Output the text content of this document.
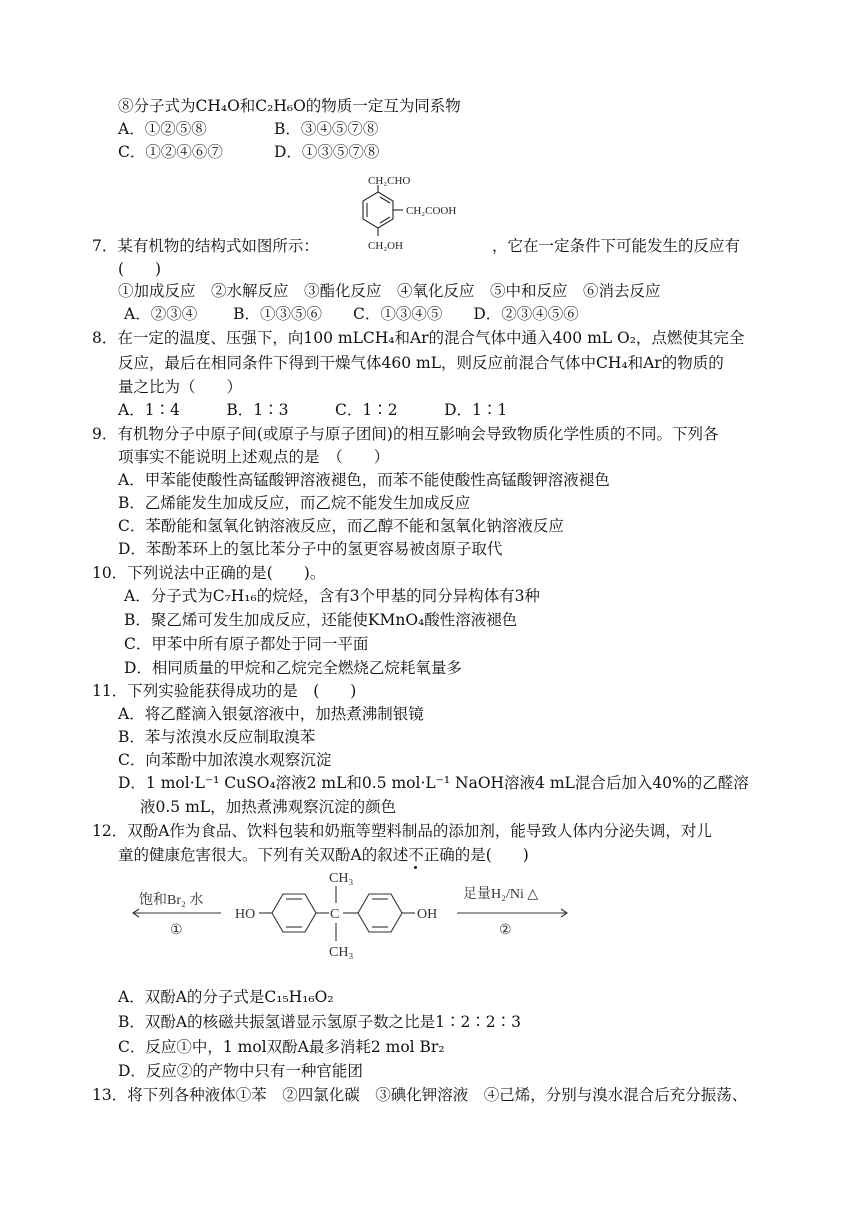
⑧分子式为CH₄O和C₂H₆O的物质一定互为同系物
A．①②⑤⑧	B．③④⑤⑦⑧
C．①②④⑥⑦	D．①③⑤⑦⑧
CH₂CHO
CH₂COOH
CH₂OH
7．某有机物的结构式如图所示：	，它在一定条件下可能发生的反应有
(　　)
①加成反应　②水解反应　③酯化反应　④氧化反应　⑤中和反应　⑥消去反应
A．②③④　　 B．①③⑤⑥　　C．①③④⑤　　D．②③④⑤⑥
8．在一定的温度、压强下，向100 mLCH₄和Ar的混合气体中通入400 mL O₂，点燃使其完全
反应，最后在相同条件下得到干燥气体460 mL，则反应前混合气体中CH₄和Ar的物质的
量之比为（　　）
A．1∶4　　　B．1∶3　　　C．1∶2　　　D．1∶1
9．有机物分子中原子间(或原子与原子团间)的相互影响会导致物质化学性质的不同。下列各
项事实不能说明上述观点的是　（　　）
A．甲苯能使酸性高锰酸钾溶液褪色，而苯不能使酸性高锰酸钾溶液褪色
B．乙烯能发生加成反应，而乙烷不能发生加成反应
C．苯酚能和氢氧化钠溶液反应，而乙醇不能和氢氧化钠溶液反应
D．苯酚苯环上的氢比苯分子中的氢更容易被卤原子取代
10．下列说法中正确的是(　　)。
A．分子式为C₇H₁₆的烷烃，含有3个甲基的同分异构体有3种
B．聚乙烯可发生加成反应，还能使KMnO₄酸性溶液褪色
C．甲苯中所有原子都处于同一平面
D．相同质量的甲烷和乙烷完全燃烧乙烷耗氧量多
11．下列实验能获得成功的是　(　　)
A．将乙醛滴入银氨溶液中，加热煮沸制银镜
B．苯与浓溴水反应制取溴苯
C．向苯酚中加浓溴水观察沉淀
D．1 mol·L⁻¹ CuSO₄溶液2 mL和0.5 mol·L⁻¹ NaOH溶液4 mL混合后加入40%的乙醛溶
液0.5 mL，加热煮沸观察沉淀的颜色
12．双酚A作为食品、饮料包装和奶瓶等塑料制品的添加剂，能导致人体内分泌失调，对儿
童的健康危害很大。下列有关双酚A的叙述不正确的是(　　)
饱和Br₂ 水
①
HO	C
CH₃
CH₃
OH
足量H₂/Ni △
②
A．双酚A的分子式是C₁₅H₁₆O₂
B．双酚A的核磁共振氢谱显示氢原子数之比是1∶2∶2∶3
C．反应①中，1 mol双酚A最多消耗2 mol Br₂
D．反应②的产物中只有一种官能团
13．将下列各种液体①苯　②四氯化碳　③碘化钾溶液　④己烯，分别与溴水混合后充分振荡、
